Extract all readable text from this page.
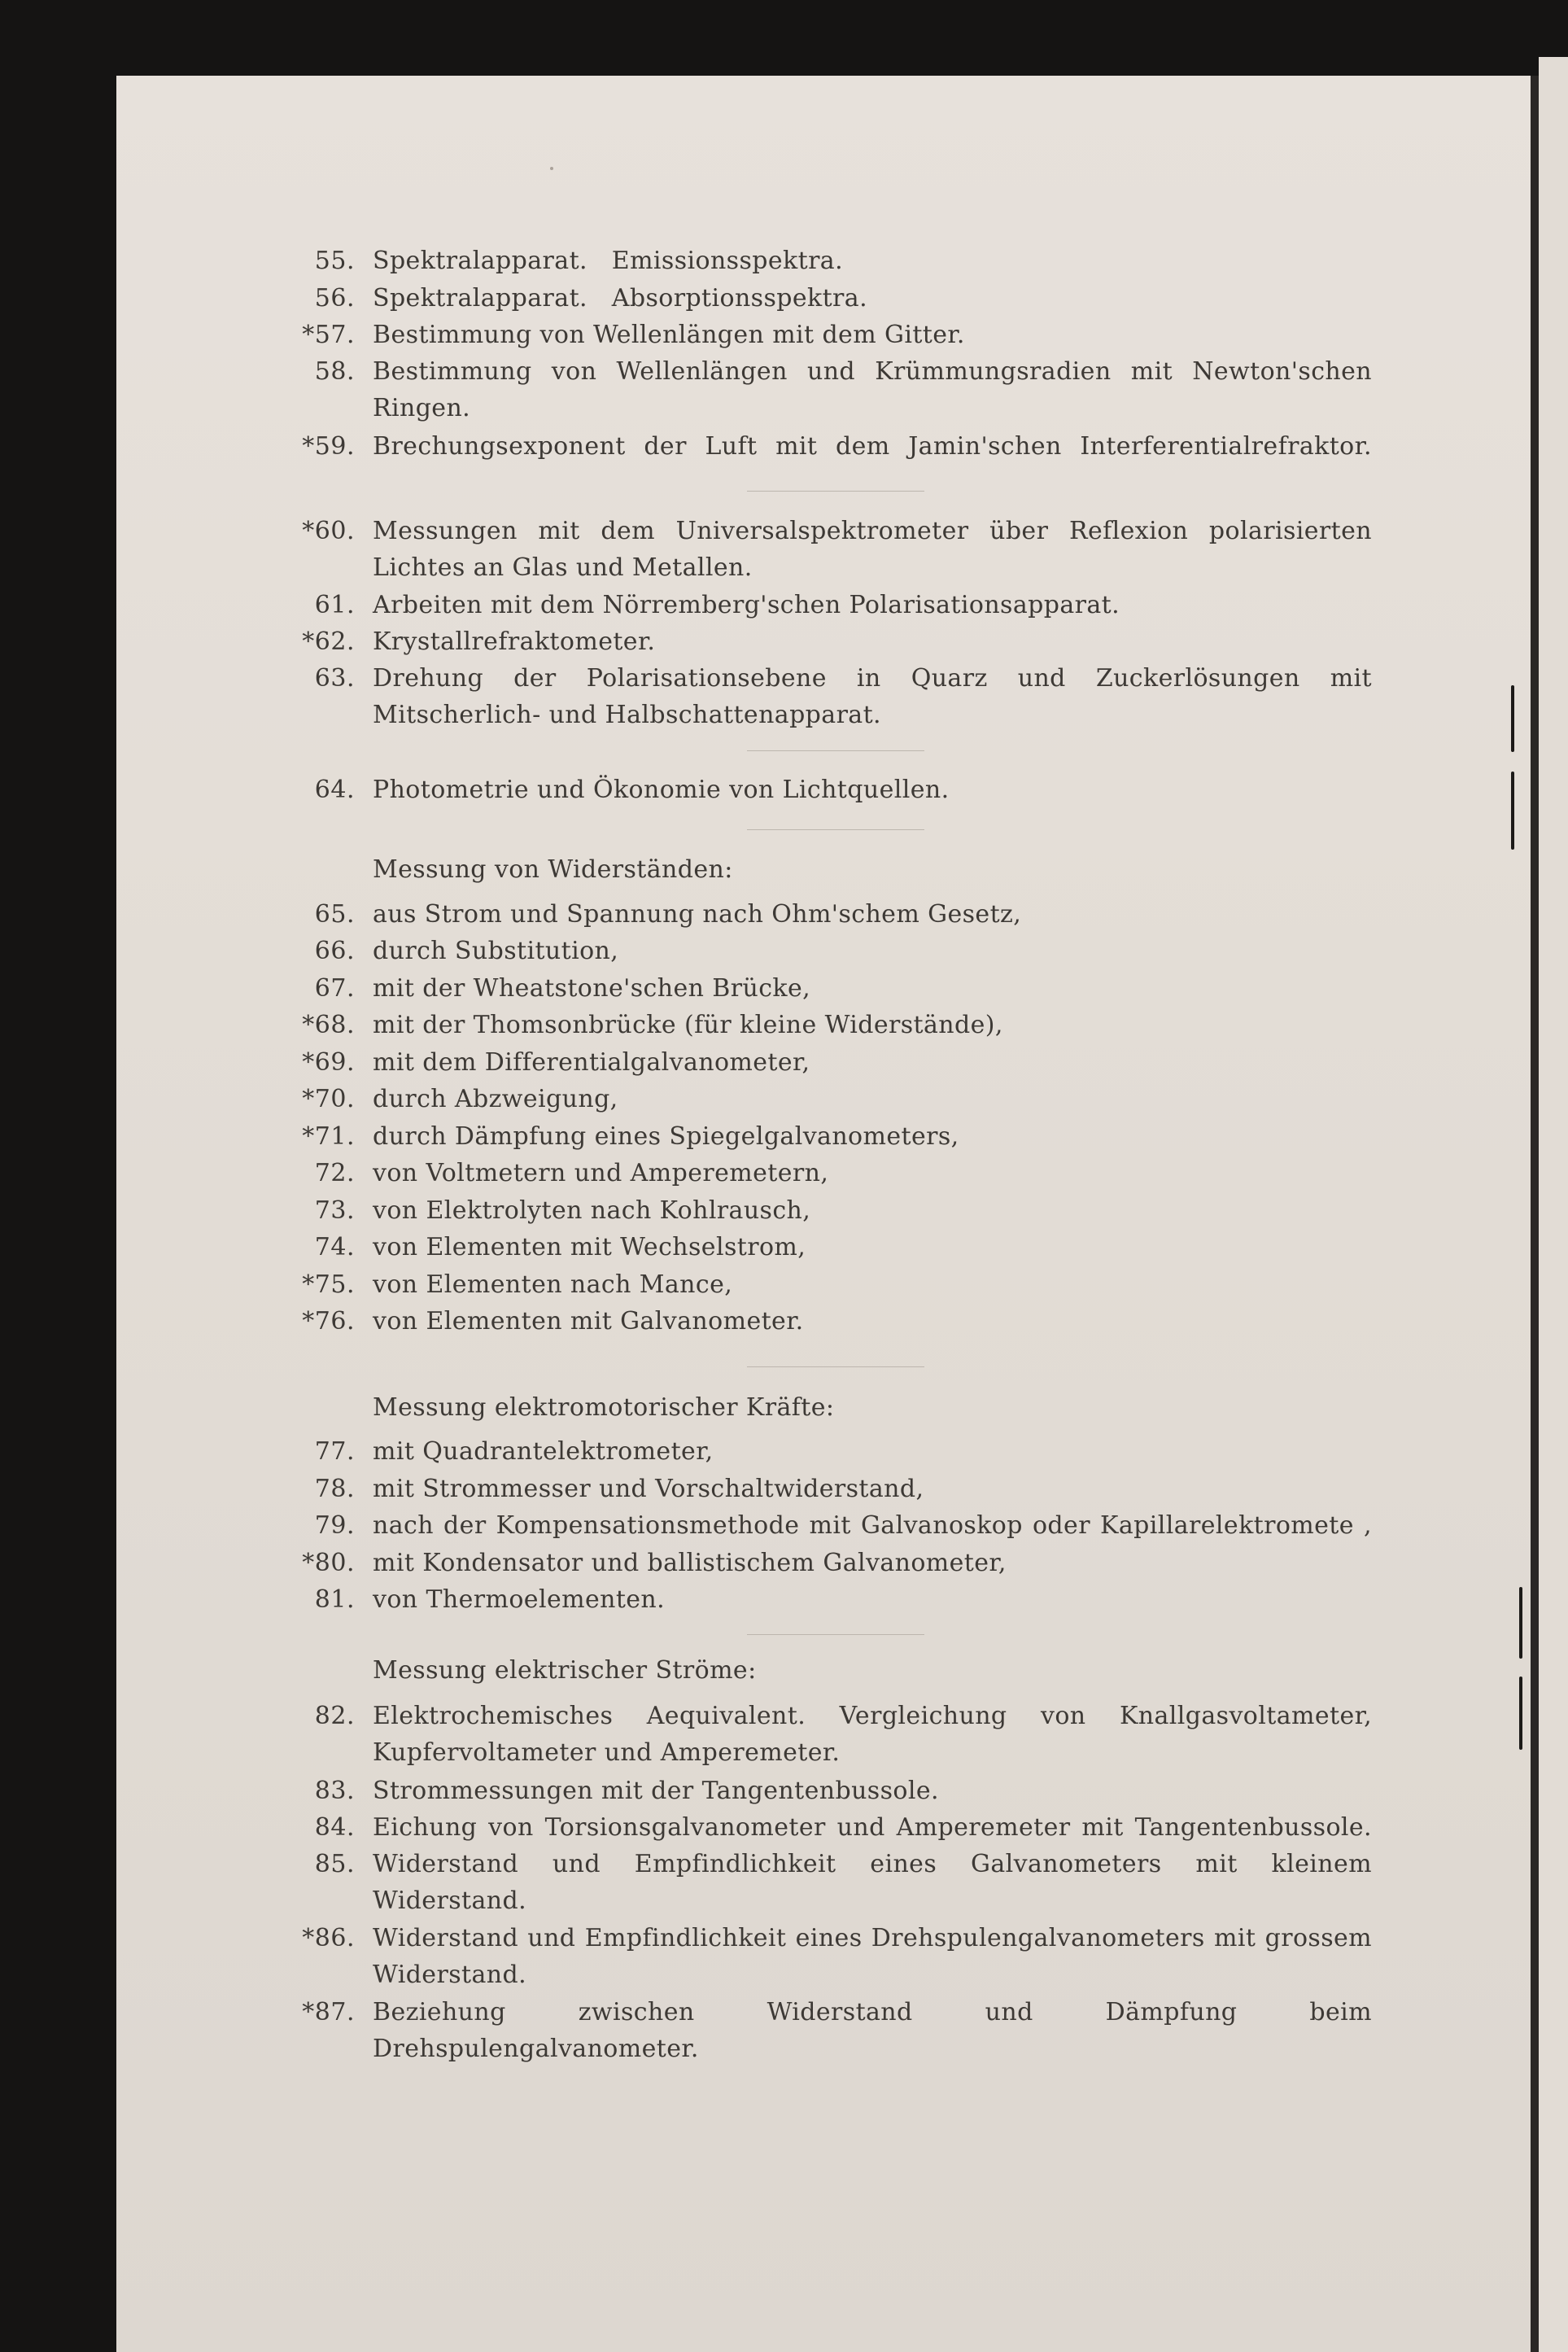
55. Spektralapparat.   Emissionsspektra.
56. Spektralapparat.   Absorptionsspektra.
*57. Bestimmung von Wellenlängen mit dem Gitter.
58. Bestimmung von Wellenlängen und Krümmungsradien mit Newton'schen Ringen.
*59. Brechungsexponent der Luft mit dem Jamin'schen Interferentialrefraktor.
*60. Messungen mit dem Universalspektrometer über Reflexion polarisierten Lichtes an Glas und Metallen.
61. Arbeiten mit dem Nörremberg'schen Polarisationsapparat.
*62. Krystallrefraktometer.
63. Drehung der Polarisationsebene in Quarz und Zuckerlösungen mit Mitscherlich- und Halbschattenapparat.
64. Photometrie und Ökonomie von Lichtquellen.
Messung von Widerständen:
65. aus Strom und Spannung nach Ohm'schem Gesetz,
66. durch Substitution,
67. mit der Wheatstone'schen Brücke,
*68. mit der Thomsonbrücke (für kleine Widerstände),
*69. mit dem Differentialgalvanometer,
*70. durch Abzweigung,
*71. durch Dämpfung eines Spiegelgalvanometers,
72. von Voltmetern und Amperemetern,
73. von Elektrolyten nach Kohlrausch,
74. von Elementen mit Wechselstrom,
*75. von Elementen nach Mance,
*76. von Elementen mit Galvanometer.
Messung elektromotorischer Kräfte:
77. mit Quadrantelektrometer,
78. mit Strommesser und Vorschaltwiderstand,
79. nach der Kompensationsmethode mit Galvanoskop oder Kapillarelektromete ,
*80. mit Kondensator und ballistischem Galvanometer,
81. von Thermoelementen.
Messung elektrischer Ströme:
82. Elektrochemisches Aequivalent. Vergleichung von Knallgasvoltameter, Kupfervoltameter und Amperemeter.
83. Strommessungen mit der Tangentenbussole.
84. Eichung von Torsionsgalvanometer und Amperemeter mit Tangentenbussole.
85. Widerstand und Empfindlichkeit eines Galvanometers mit kleinem Widerstand.
*86. Widerstand und Empfindlichkeit eines Drehspulengalvanometers mit grossem Widerstand.
*87. Beziehung zwischen Widerstand und Dämpfung beim Drehspulengalvanometer.
